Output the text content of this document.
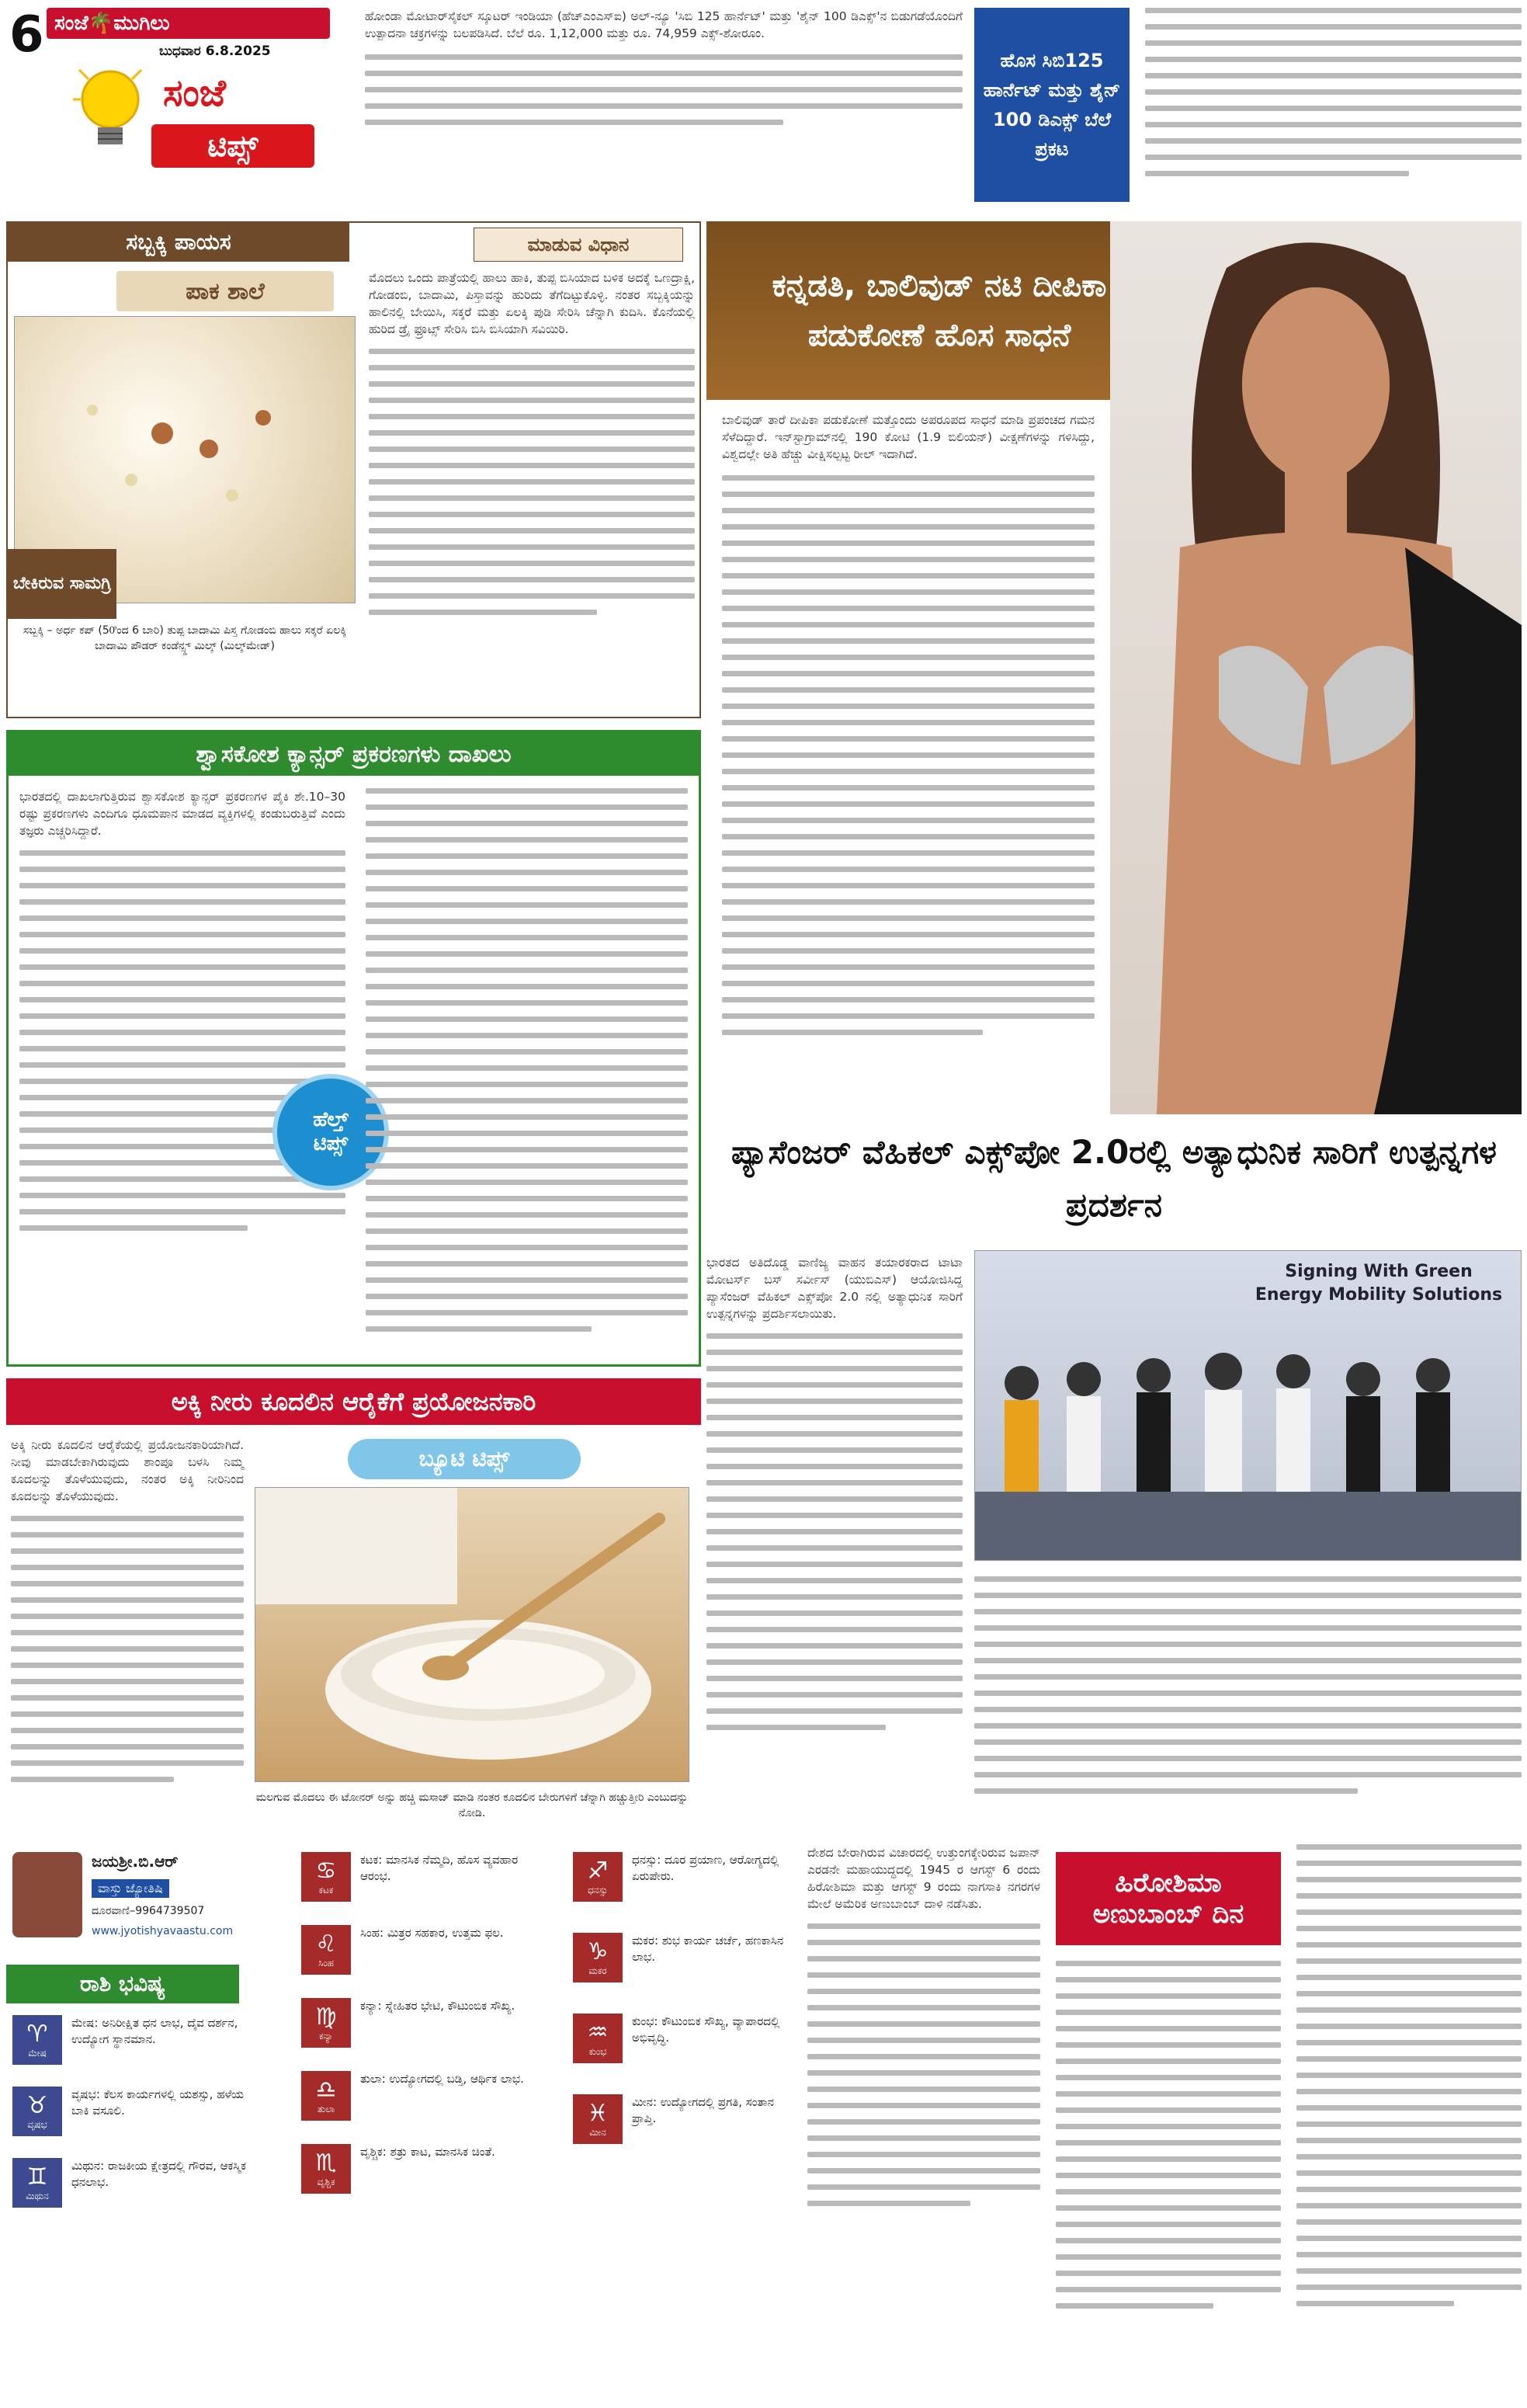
6 ಸಂಜೆ🌴ಮುಗಿಲು
ಬುಧವಾರ 6.8.2025
ಸಂಜೆ
ಟಿಪ್ಸ್

ಹೋಂಡಾ ಮೋಟಾರ್‌ಸೈಕಲ್ ಸ್ಕೂಟರ್ ಇಂಡಿಯಾ (ಹೆಚ್ಎಂಎಸ್ಐ) ಅಲ್-ನ್ಯೂ 'ಸಿಬಿ 125 ಹಾರ್ನೆಟ್' ಮತ್ತು 'ಶೈನ್ 100 ಡಿಎಕ್ಸ್'ನ ಬಿಡುಗಡೆಯೊಂದಿಗೆ ಉತ್ಪಾದನಾ ಚಕ್ರಗಳನ್ನು ಬಲಪಡಿಸಿದೆ. ಬೆಲೆ ರೂ. 1,12,000 ಮತ್ತು ರೂ. 74,959 ಎಕ್ಸ್-ಶೋರೂಂ.

ಹೊಸ ಸಿಬಿ125 ಹಾರ್ನೆಟ್ ಮತ್ತು ಶೈನ್ 100 ಡಿಎಕ್ಸ್ ಬೆಲೆ ಪ್ರಕಟ
ಸಬ್ಬಕ್ಕಿ ಪಾಯಸ	ಮಾಡುವ ವಿಧಾನ
ಪಾಕ ಶಾಲೆ
ಬೇಕಿರುವ ಸಾಮಗ್ರಿ
ಸಬ್ಬಕ್ಕಿ – ಅರ್ಧ ಕಪ್ (50ಿಂದ 6 ಬಾರಿ) ತುಪ್ಪ ಬಾದಾಮಿ ಪಿಸ್ತ ಗೋಡಂಬಿ ಹಾಲು ಸಕ್ಕರೆ ಏಲಕ್ಕಿ ಬಾದಾಮಿ ಪೌಡರ್ ಕಂಡೆನ್ಸ್ಡ್ ಮಿಲ್ಕ್ (ಮಿಲ್ಕ್‌ಮೇಡ್)

ಮೊದಲು ಒಂದು ಪಾತ್ರೆಯಲ್ಲಿ ಹಾಲು ಹಾಕಿ, ತುಪ್ಪ ಬಿಸಿಯಾದ ಬಳಿಕ ಅದಕ್ಕೆ ಒಣದ್ರಾಕ್ಷಿ, ಗೋಡಂಬಿ, ಬಾದಾಮಿ, ಪಿಸ್ತಾವನ್ನು ಹುರಿದು ತೆಗೆದಿಟ್ಟುಕೊಳ್ಳಿ. ನಂತರ ಸಬ್ಬಕ್ಕಿಯನ್ನು ಹಾಲಿನಲ್ಲಿ ಬೇಯಿಸಿ, ಸಕ್ಕರೆ ಮತ್ತು ಏಲಕ್ಕಿ ಪುಡಿ ಸೇರಿಸಿ ಚೆನ್ನಾಗಿ ಕುದಿಸಿ. ಕೊನೆಯಲ್ಲಿ ಹುರಿದ ಡ್ರೈ ಫ್ರೂಟ್ಸ್ ಸೇರಿಸಿ ಬಿಸಿ ಬಿಸಿಯಾಗಿ ಸವಿಯಿರಿ.

ಕನ್ನಡತಿ, ಬಾಲಿವುಡ್ ನಟಿ ದೀಪಿಕಾ ಪಡುಕೋಣೆ ಹೊಸ ಸಾಧನೆ

ಬಾಲಿವುಡ್ ತಾರೆ ದೀಪಿಕಾ ಪಡುಕೋಣೆ ಮತ್ತೊಂದು ಅಪರೂಪದ ಸಾಧನೆ ಮಾಡಿ ಪ್ರಪಂಚದ ಗಮನ ಸೆಳೆದಿದ್ದಾರೆ. ಇನ್‌ಸ್ಟಾಗ್ರಾಮ್‌ನಲ್ಲಿ 190 ಕೋಟಿ (1.9 ಬಿಲಿಯನ್) ವೀಕ್ಷಣೆಗಳನ್ನು ಗಳಿಸಿದ್ದು, ವಿಶ್ವದಲ್ಲೇ ಅತಿ ಹೆಚ್ಚು ವೀಕ್ಷಿಸಲ್ಪಟ್ಟ ರೀಲ್ ಇದಾಗಿದೆ.

ಶ್ವಾಸಕೋಶ ಕ್ಯಾನ್ಸರ್ ಪ್ರಕರಣಗಳು ದಾಖಲು

ಭಾರತದಲ್ಲಿ ದಾಖಲಾಗುತ್ತಿರುವ ಶ್ವಾಸಕೋಶ ಕ್ಯಾನ್ಸರ್ ಪ್ರಕರಣಗಳ ಪೈಕಿ ಶೇ.10–30 ರಷ್ಟು ಪ್ರಕರಣಗಳು ಎಂದಿಗೂ ಧೂಮಪಾನ ಮಾಡದ ವ್ಯಕ್ತಿಗಳಲ್ಲಿ ಕಂಡುಬರುತ್ತಿವೆ ಎಂದು ತಜ್ಞರು ಎಚ್ಚರಿಸಿದ್ದಾರೆ.

ಹೆಲ್ತ್
ಟಿಪ್ಸ್	ಪ್ಯಾಸೆಂಜರ್ ವೆಹಿಕಲ್ ಎಕ್ಸ್‌ಪೋ 2.0ರಲ್ಲಿ ಅತ್ಯಾಧುನಿಕ ಸಾರಿಗೆ ಉತ್ಪನ್ನಗಳ ಪ್ರದರ್ಶನ

ಭಾರತದ ಅತಿದೊಡ್ಡ ವಾಣಿಜ್ಯ ವಾಹನ ತಯಾರಕರಾದ ಟಾಟಾ ಮೋಟರ್ಸ್ ಬಸ್ ಸರ್ವೀಸ್ (ಯುಬಿಎಸ್) ಆಯೋಜಿಸಿದ್ದ ಪ್ಯಾಸೆಂಜರ್ ವೆಹಿಕಲ್ ಎಕ್ಸ್‌ಪೋ 2.0 ನಲ್ಲಿ ಅತ್ಯಾಧುನಿಕ ಸಾರಿಗೆ ಉತ್ಪನ್ನಗಳನ್ನು ಪ್ರದರ್ಶಿಸಲಾಯಿತು.

Signing With Green Energy Mobility Solutions
ಅಕ್ಕಿ ನೀರು ಕೂದಲಿನ ಆರೈಕೆಗೆ ಪ್ರಯೋಜನಕಾರಿ

ಅಕ್ಕಿ ನೀರು ಕೂದಲಿನ ಆರೈಕೆಯಲ್ಲಿ ಪ್ರಯೋಜನಕಾರಿಯಾಗಿದೆ. ನೀವು ಮಾಡಬೇಕಾಗಿರುವುದು ಶಾಂಪೂ ಬಳಸಿ ನಿಮ್ಮ ಕೂದಲನ್ನು ತೊಳೆಯುವುದು, ನಂತರ ಅಕ್ಕಿ ನೀರಿನಿಂದ ಕೂದಲನ್ನು ತೊಳೆಯುವುದು.

ಬ್ಯೂಟಿ ಟಿಪ್ಸ್
ಮಲಗುವ ಮೊದಲು ಈ ಟೋನರ್ ಅನ್ನು ಹಚ್ಚಿ ಮಸಾಜ್ ಮಾಡಿ ನಂತರ ಕೂದಲಿನ ಬೇರುಗಳಿಗೆ ಚೆನ್ನಾಗಿ ಹಚ್ಚುತ್ತೀರಿ ಎಂಬುದನ್ನು ನೋಡಿ.
ಜಯಶ್ರೀ.ಬಿ.ಆರ್
ವಾಸ್ತು ಜ್ಯೋತಿಷಿ
ದೂರವಾಣಿ–9964739507
www.jyotishyavaastu.com
ರಾಶಿ ಭವಿಷ್ಯ
♈
ಮೇಷ
ಮೇಷ: ಅನಿರೀಕ್ಷಿತ ಧನ ಲಾಭ, ದೈವ ದರ್ಶನ, ಉದ್ಯೋಗ ಸ್ಥಾನಮಾನ.
♉
ವೃಷಭ
ವೃಷಭ: ಕೆಲಸ ಕಾರ್ಯಗಳಲ್ಲಿ ಯಶಸ್ಸು, ಹಳೆಯ ಬಾಕಿ ವಸೂಲಿ.
♊
ಮಿಥುನ
ಮಿಥುನ: ರಾಜಕೀಯ ಕ್ಷೇತ್ರದಲ್ಲಿ ಗೌರವ, ಆಕಸ್ಮಿಕ ಧನಲಾಭ.
♋
ಕಟಕ
ಕಟಕ: ಮಾನಸಿಕ ನೆಮ್ಮದಿ, ಹೊಸ ವ್ಯವಹಾರ ಆರಂಭ.
♌
ಸಿಂಹ
ಸಿಂಹ: ಮಿತ್ರರ ಸಹಕಾರ, ಉತ್ತಮ ಫಲ.
♍
ಕನ್ಯಾ
ಕನ್ಯಾ: ಸ್ನೇಹಿತರ ಭೇಟಿ, ಕೌಟುಂಬಿಕ ಸೌಖ್ಯ.
♎
ತುಲಾ
ತುಲಾ: ಉದ್ಯೋಗದಲ್ಲಿ ಬಡ್ತಿ, ಆರ್ಥಿಕ ಲಾಭ.
♏
ವೃಶ್ಚಿಕ
ವೃಶ್ಚಿಕ: ಶತ್ರು ಕಾಟ, ಮಾನಸಿಕ ಚಿಂತೆ.
♐
ಧನಸ್ಸು
ಧನಸ್ಸು: ದೂರ ಪ್ರಯಾಣ, ಆರೋಗ್ಯದಲ್ಲಿ ಏರುಪೇರು.
♑
ಮಕರ
ಮಕರ: ಶುಭ ಕಾರ್ಯ ಚರ್ಚೆ, ಹಣಕಾಸಿನ ಲಾಭ.
♒
ಕುಂಭ
ಕುಂಭ: ಕೌಟುಂಬಿಕ ಸೌಖ್ಯ, ವ್ಯಾಪಾರದಲ್ಲಿ ಅಭಿವೃದ್ಧಿ.
♓
ಮೀನ
ಮೀನ: ಉದ್ಯೋಗದಲ್ಲಿ ಪ್ರಗತಿ, ಸಂತಾನ ಪ್ರಾಪ್ತಿ.

ದೇಶದ ಬೇರಾಗಿರುವ ವಿಚಾರದಲ್ಲಿ ಉತ್ತುಂಗಕ್ಕೇರಿರುವ ಜಪಾನ್ ಎರಡನೇ ಮಹಾಯುದ್ಧದಲ್ಲಿ 1945 ರ ಆಗಸ್ಟ್ 6 ರಂದು ಹಿರೋಶಿಮಾ ಮತ್ತು ಆಗಸ್ಟ್ 9 ರಂದು ನಾಗಸಾಕಿ ನಗರಗಳ ಮೇಲೆ ಅಮೆರಿಕ ಅಣುಬಾಂಬ್ ದಾಳಿ ನಡೆಸಿತು.

ಹಿರೋಶಿಮಾ
ಅಣುಬಾಂಬ್ ದಿನ
